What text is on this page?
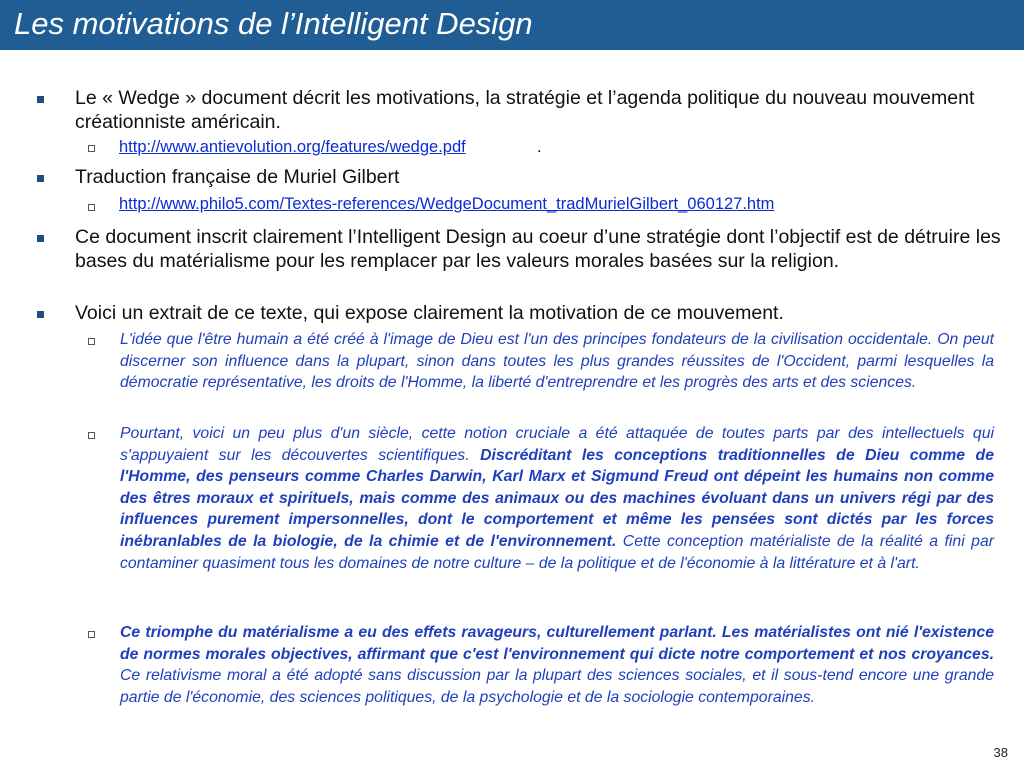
Les motivations de l’Intelligent Design
Le « Wedge » document décrit les motivations, la stratégie et l’agenda politique du nouveau mouvement créationniste américain.
http://www.antievolution.org/features/wedge.pdf	.
Traduction française de Muriel Gilbert
http://www.philo5.com/Textes-references/WedgeDocument_tradMurielGilbert_060127.htm
Ce document inscrit clairement l’Intelligent Design au coeur d’une stratégie dont l’objectif est de détruire les bases du matérialisme pour les remplacer par les valeurs morales basées sur la religion.
Voici un extrait de ce texte, qui expose clairement la motivation de ce mouvement.
L'idée que l'être humain a été créé à l'image de Dieu est l'un des principes fondateurs de la civilisation occidentale. On peut discerner son influence dans la plupart, sinon dans toutes les plus grandes réussites de l'Occident, parmi lesquelles la démocratie représentative, les droits de l'Homme, la liberté d'entreprendre et les progrès des arts et des sciences.
Pourtant, voici un peu plus d'un siècle, cette notion cruciale a été attaquée de toutes parts par des intellectuels qui s'appuyaient sur les découvertes scientifiques. Discréditant les conceptions traditionnelles de Dieu comme de l'Homme, des penseurs comme Charles Darwin, Karl Marx et Sigmund Freud ont dépeint les humains non comme des êtres moraux et spirituels, mais comme des animaux ou des machines évoluant dans un univers régi par des influences purement impersonnelles, dont le comportement et même les pensées sont dictés par les forces inébranlables de la biologie, de la chimie et de l'environnement. Cette conception matérialiste de la réalité a fini par contaminer quasiment tous les domaines de notre culture – de la politique et de l'économie à la littérature et à l'art.
Ce triomphe du matérialisme a eu des effets ravageurs, culturellement parlant. Les matérialistes ont nié l'existence de normes morales objectives, affirmant que c'est l'environnement qui dicte notre comportement et nos croyances. Ce relativisme moral a été adopté sans discussion par la plupart des sciences sociales, et il sous-tend encore une grande partie de l'économie, des sciences politiques, de la psychologie et de la sociologie contemporaines.
38
